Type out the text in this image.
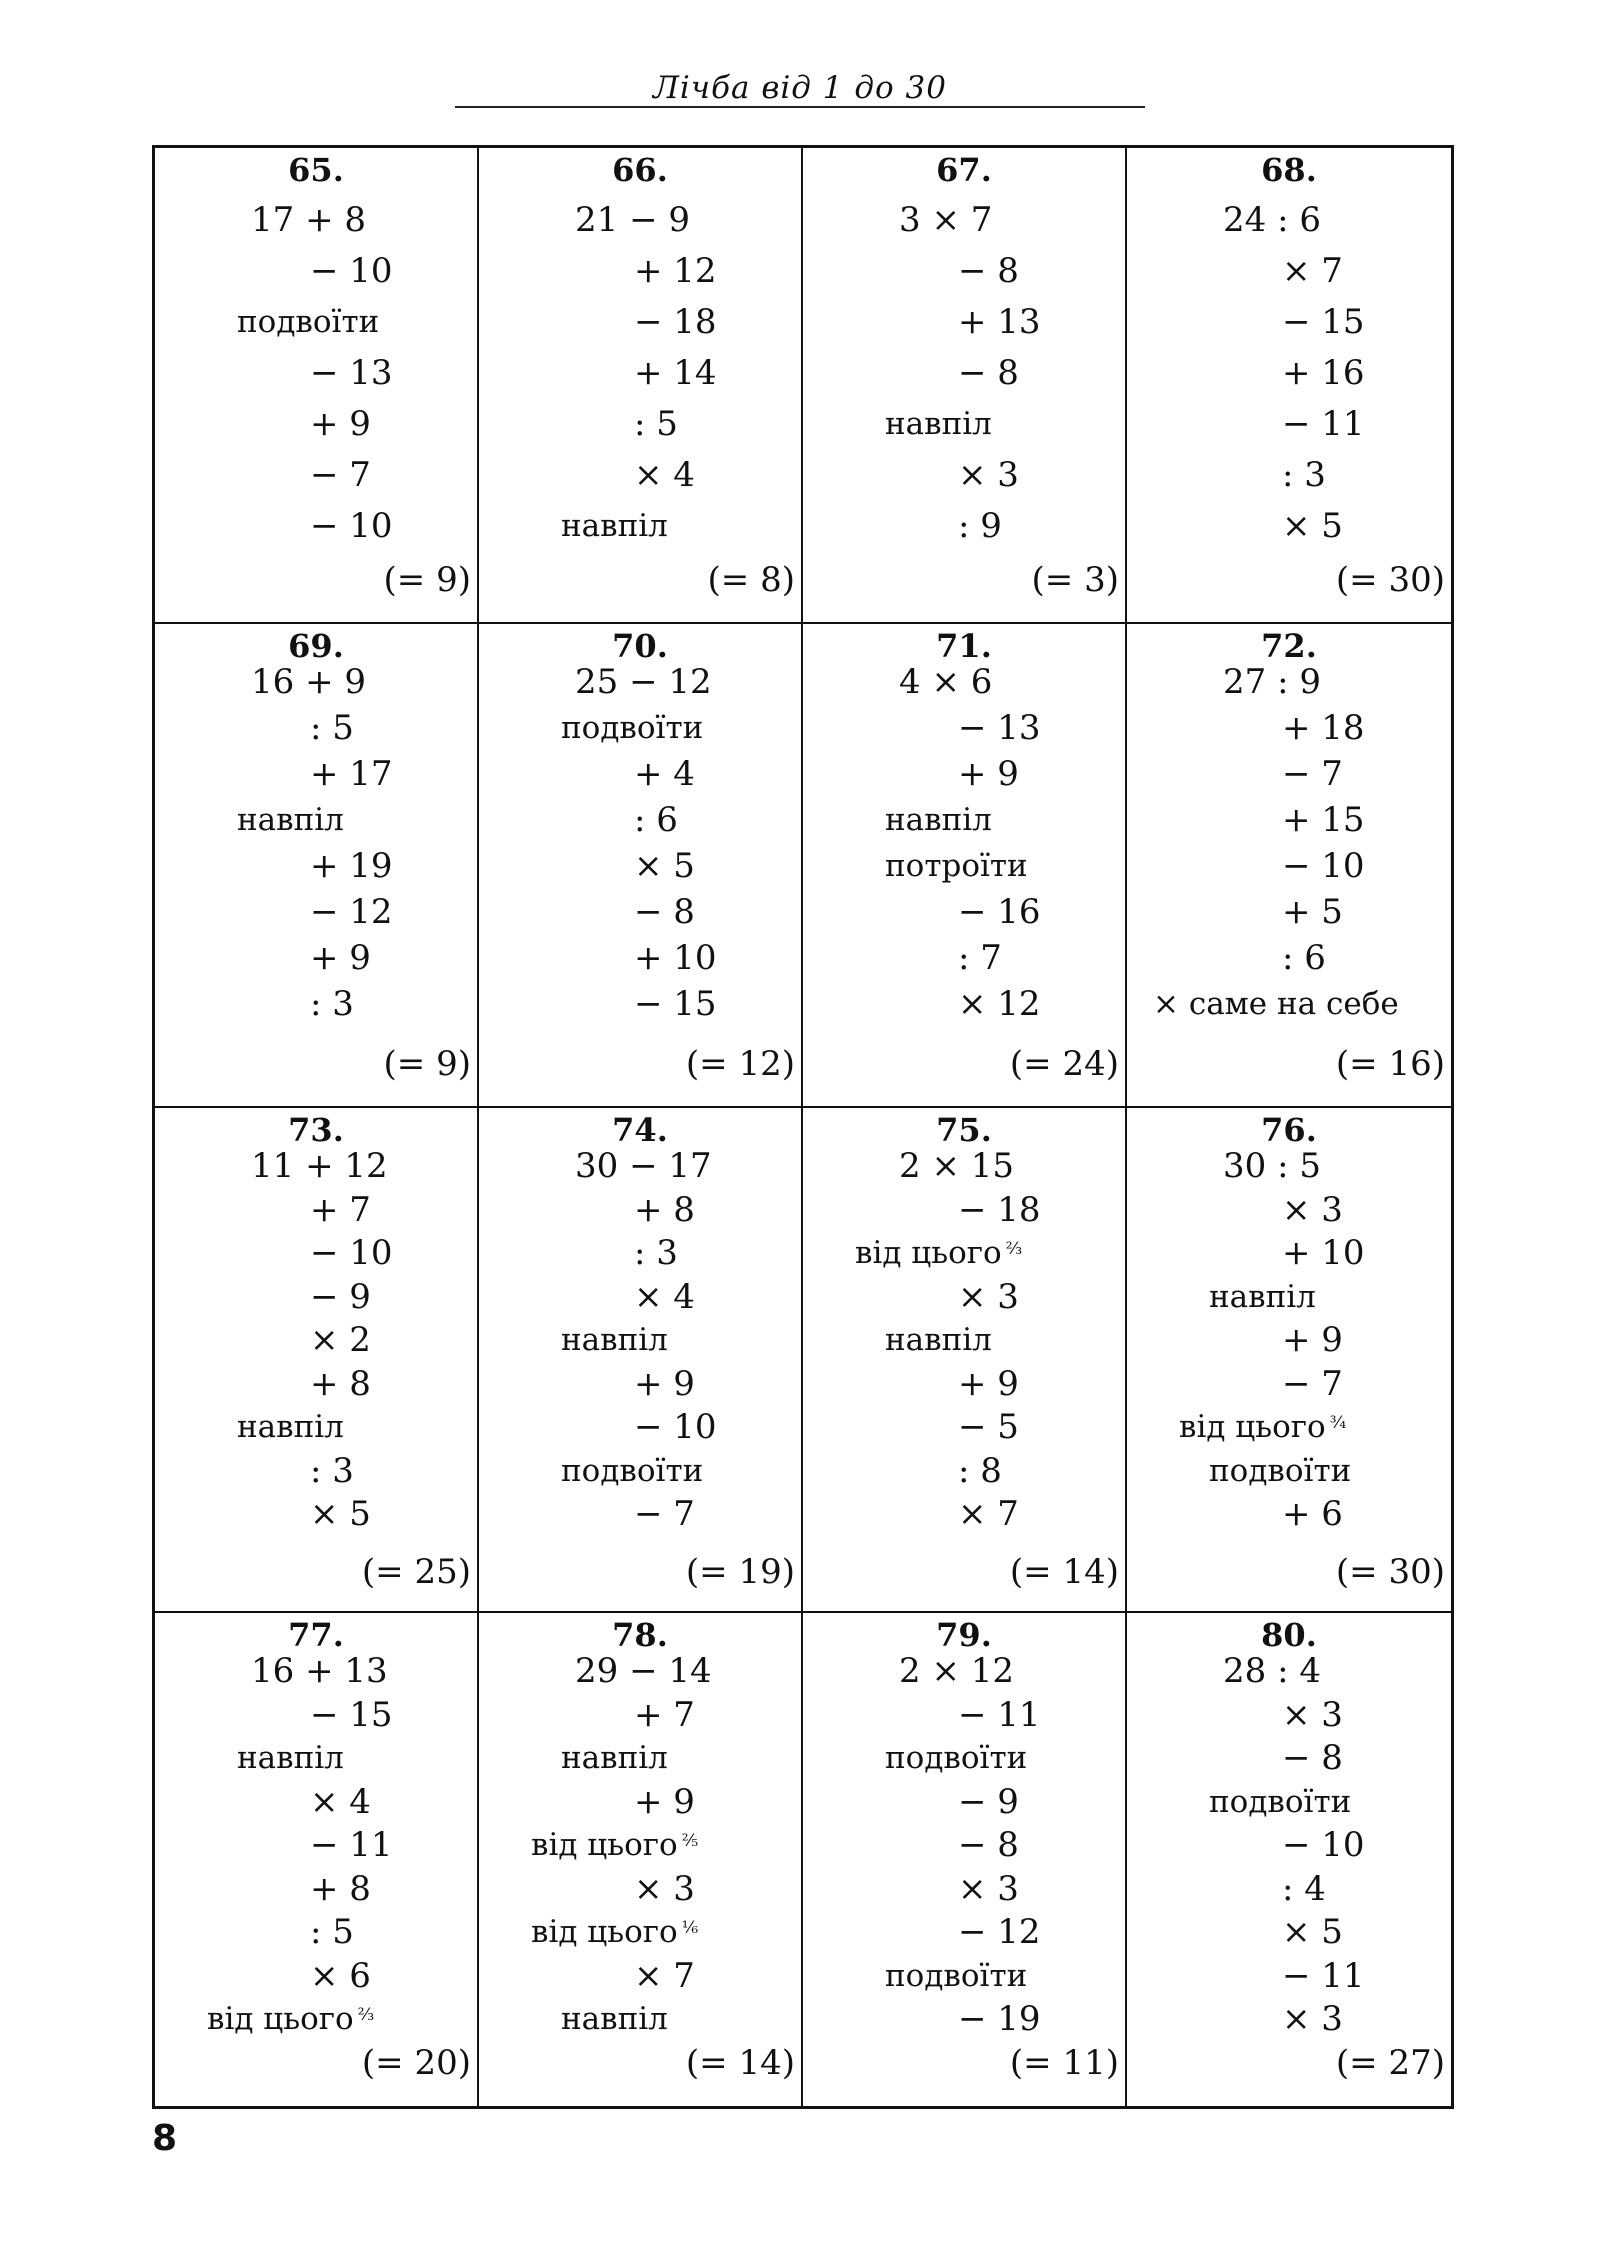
Лічба від 1 до 30
65.
17 + 8
− 10
подвоїти
− 13
+ 9
− 7
− 10
(= 9)
66.
21 − 9
+ 12
− 18
+ 14
: 5
× 4
навпіл
(= 8)
67.
3 × 7
− 8
+ 13
− 8
навпіл
× 3
: 9
(= 3)
68.
24 : 6
× 7
− 15
+ 16
− 11
: 3
× 5
(= 30)
69.
16 + 9
: 5
+ 17
навпіл
+ 19
− 12
+ 9
: 3
(= 9)
70.
25 − 12
подвоїти
+ 4
: 6
× 5
− 8
+ 10
− 15
(= 12)
71.
4 × 6
− 13
+ 9
навпіл
потроїти
− 16
: 7
× 12
(= 24)
72.
27 : 9
+ 18
− 7
+ 15
− 10
+ 5
: 6
× саме на себе
(= 16)
73.
11 + 12
+ 7
− 10
− 9
× 2
+ 8
навпіл
: 3
× 5
(= 25)
74.
30 − 17
+ 8
: 3
× 4
навпіл
+ 9
− 10
подвоїти
− 7
(= 19)
75.
2 × 15
− 18
від цього $^{^2⁄_3}$
× 3
навпіл
+ 9
− 5
: 8
× 7
(= 14)
76.
30 : 5
× 3
+ 10
навпіл
+ 9
− 7
від цього $^{^3⁄_4}$
подвоїти
+ 6
(= 30)
77.
16 + 13
− 15
навпіл
× 4
− 11
+ 8
: 5
× 6
від цього $^{^2⁄_3}$
(= 20)
78.
29 − 14
+ 7
навпіл
+ 9
від цього $^{^2⁄_5}$
× 3
від цього $^{^1⁄_6}$
× 7
навпіл
(= 14)
79.
2 × 12
− 11
подвоїти
− 9
− 8
× 3
− 12
подвоїти
− 19
(= 11)
80.
28 : 4
× 3
− 8
подвоїти
− 10
: 4
× 5
− 11
× 3
(= 27)
8
